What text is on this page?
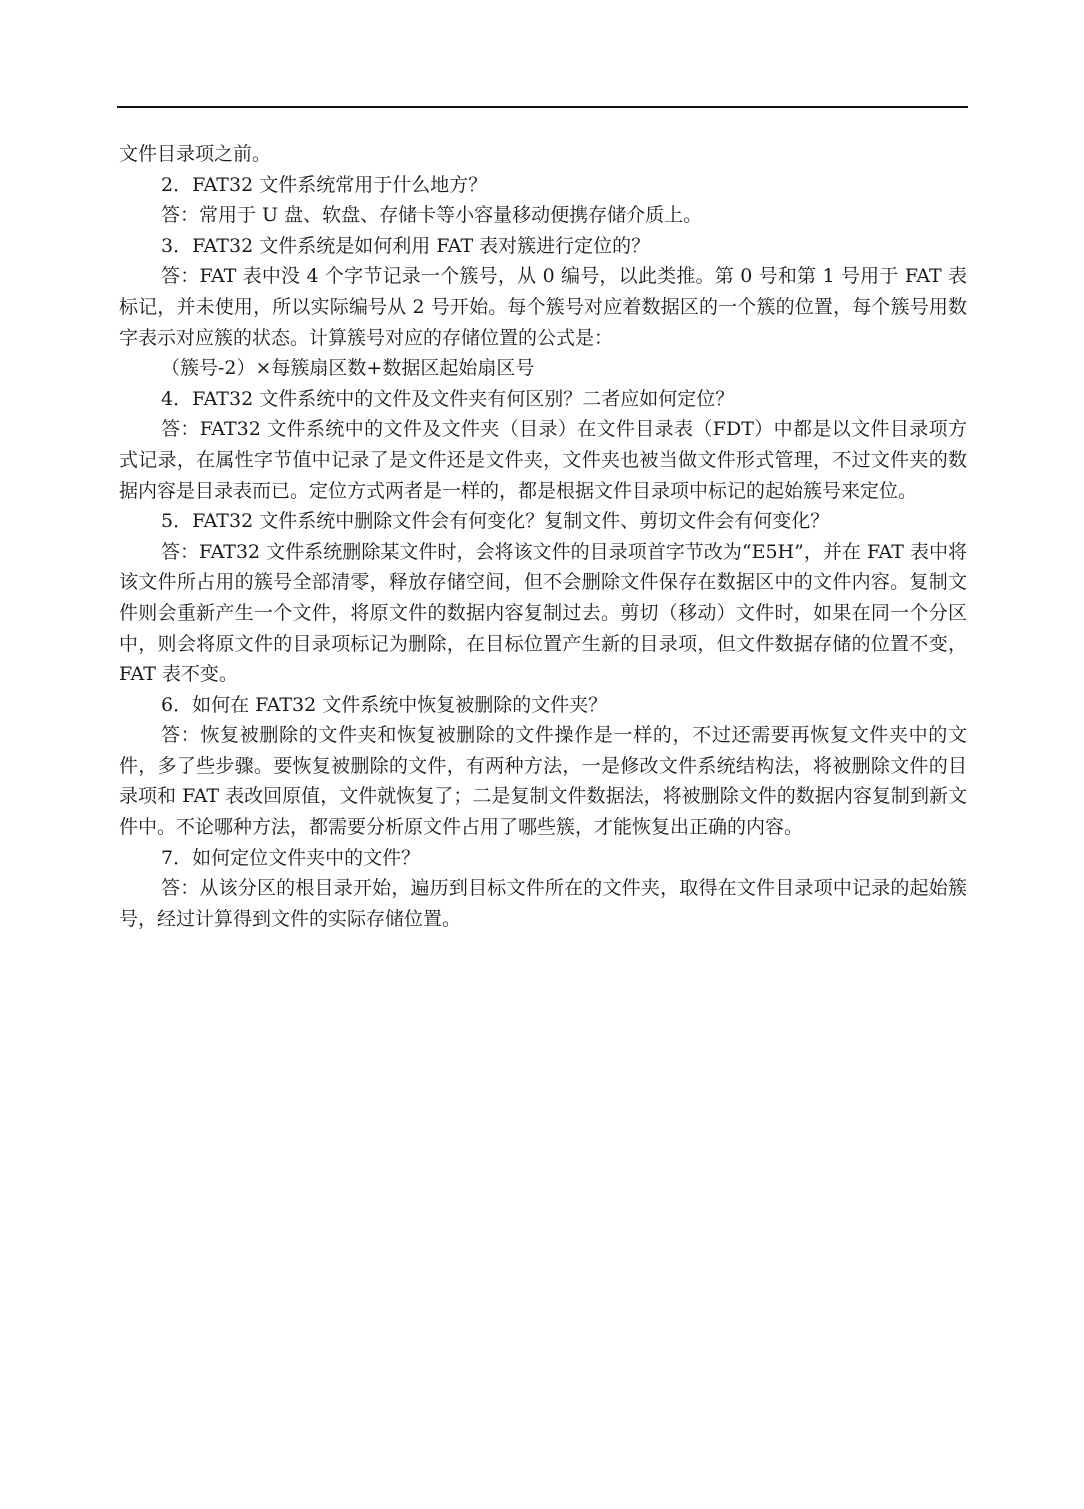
文件目录项之前。

2．FAT32 文件系统常用于什么地方？

答：常用于 U 盘、软盘、存储卡等小容量移动便携存储介质上。

3．FAT32 文件系统是如何利用 FAT 表对簇进行定位的？

答：FAT 表中没 4 个字节记录一个簇号，从 0 编号，以此类推。第 0 号和第 1 号用于 FAT 表标记，并未使用，所以实际编号从 2 号开始。每个簇号对应着数据区的一个簇的位置，每个簇号用数字表示对应簇的状态。计算簇号对应的存储位置的公式是：

（簇号-2）×每簇扇区数+数据区起始扇区号

4．FAT32 文件系统中的文件及文件夹有何区别？二者应如何定位？

答：FAT32 文件系统中的文件及文件夹（目录）在文件目录表（FDT）中都是以文件目录项方式记录，在属性字节值中记录了是文件还是文件夹，文件夹也被当做文件形式管理，不过文件夹的数据内容是目录表而已。定位方式两者是一样的，都是根据文件目录项中标记的起始簇号来定位。

5．FAT32 文件系统中删除文件会有何变化？复制文件、剪切文件会有何变化？

答：FAT32 文件系统删除某文件时，会将该文件的目录项首字节改为“E5H”，并在 FAT 表中将该文件所占用的簇号全部清零，释放存储空间，但不会删除文件保存在数据区中的文件内容。复制文件则会重新产生一个文件，将原文件的数据内容复制过去。剪切（移动）文件时，如果在同一个分区中，则会将原文件的目录项标记为删除，在目标位置产生新的目录项，但文件数据存储的位置不变，FAT 表不变。

6．如何在 FAT32 文件系统中恢复被删除的文件夹？

答：恢复被删除的文件夹和恢复被删除的文件操作是一样的，不过还需要再恢复文件夹中的文件，多了些步骤。要恢复被删除的文件，有两种方法，一是修改文件系统结构法，将被删除文件的目录项和 FAT 表改回原值，文件就恢复了；二是复制文件数据法，将被删除文件的数据内容复制到新文件中。不论哪种方法，都需要分析原文件占用了哪些簇，才能恢复出正确的内容。

7．如何定位文件夹中的文件？

答：从该分区的根目录开始，遍历到目标文件所在的文件夹，取得在文件目录项中记录的起始簇号，经过计算得到文件的实际存储位置。
